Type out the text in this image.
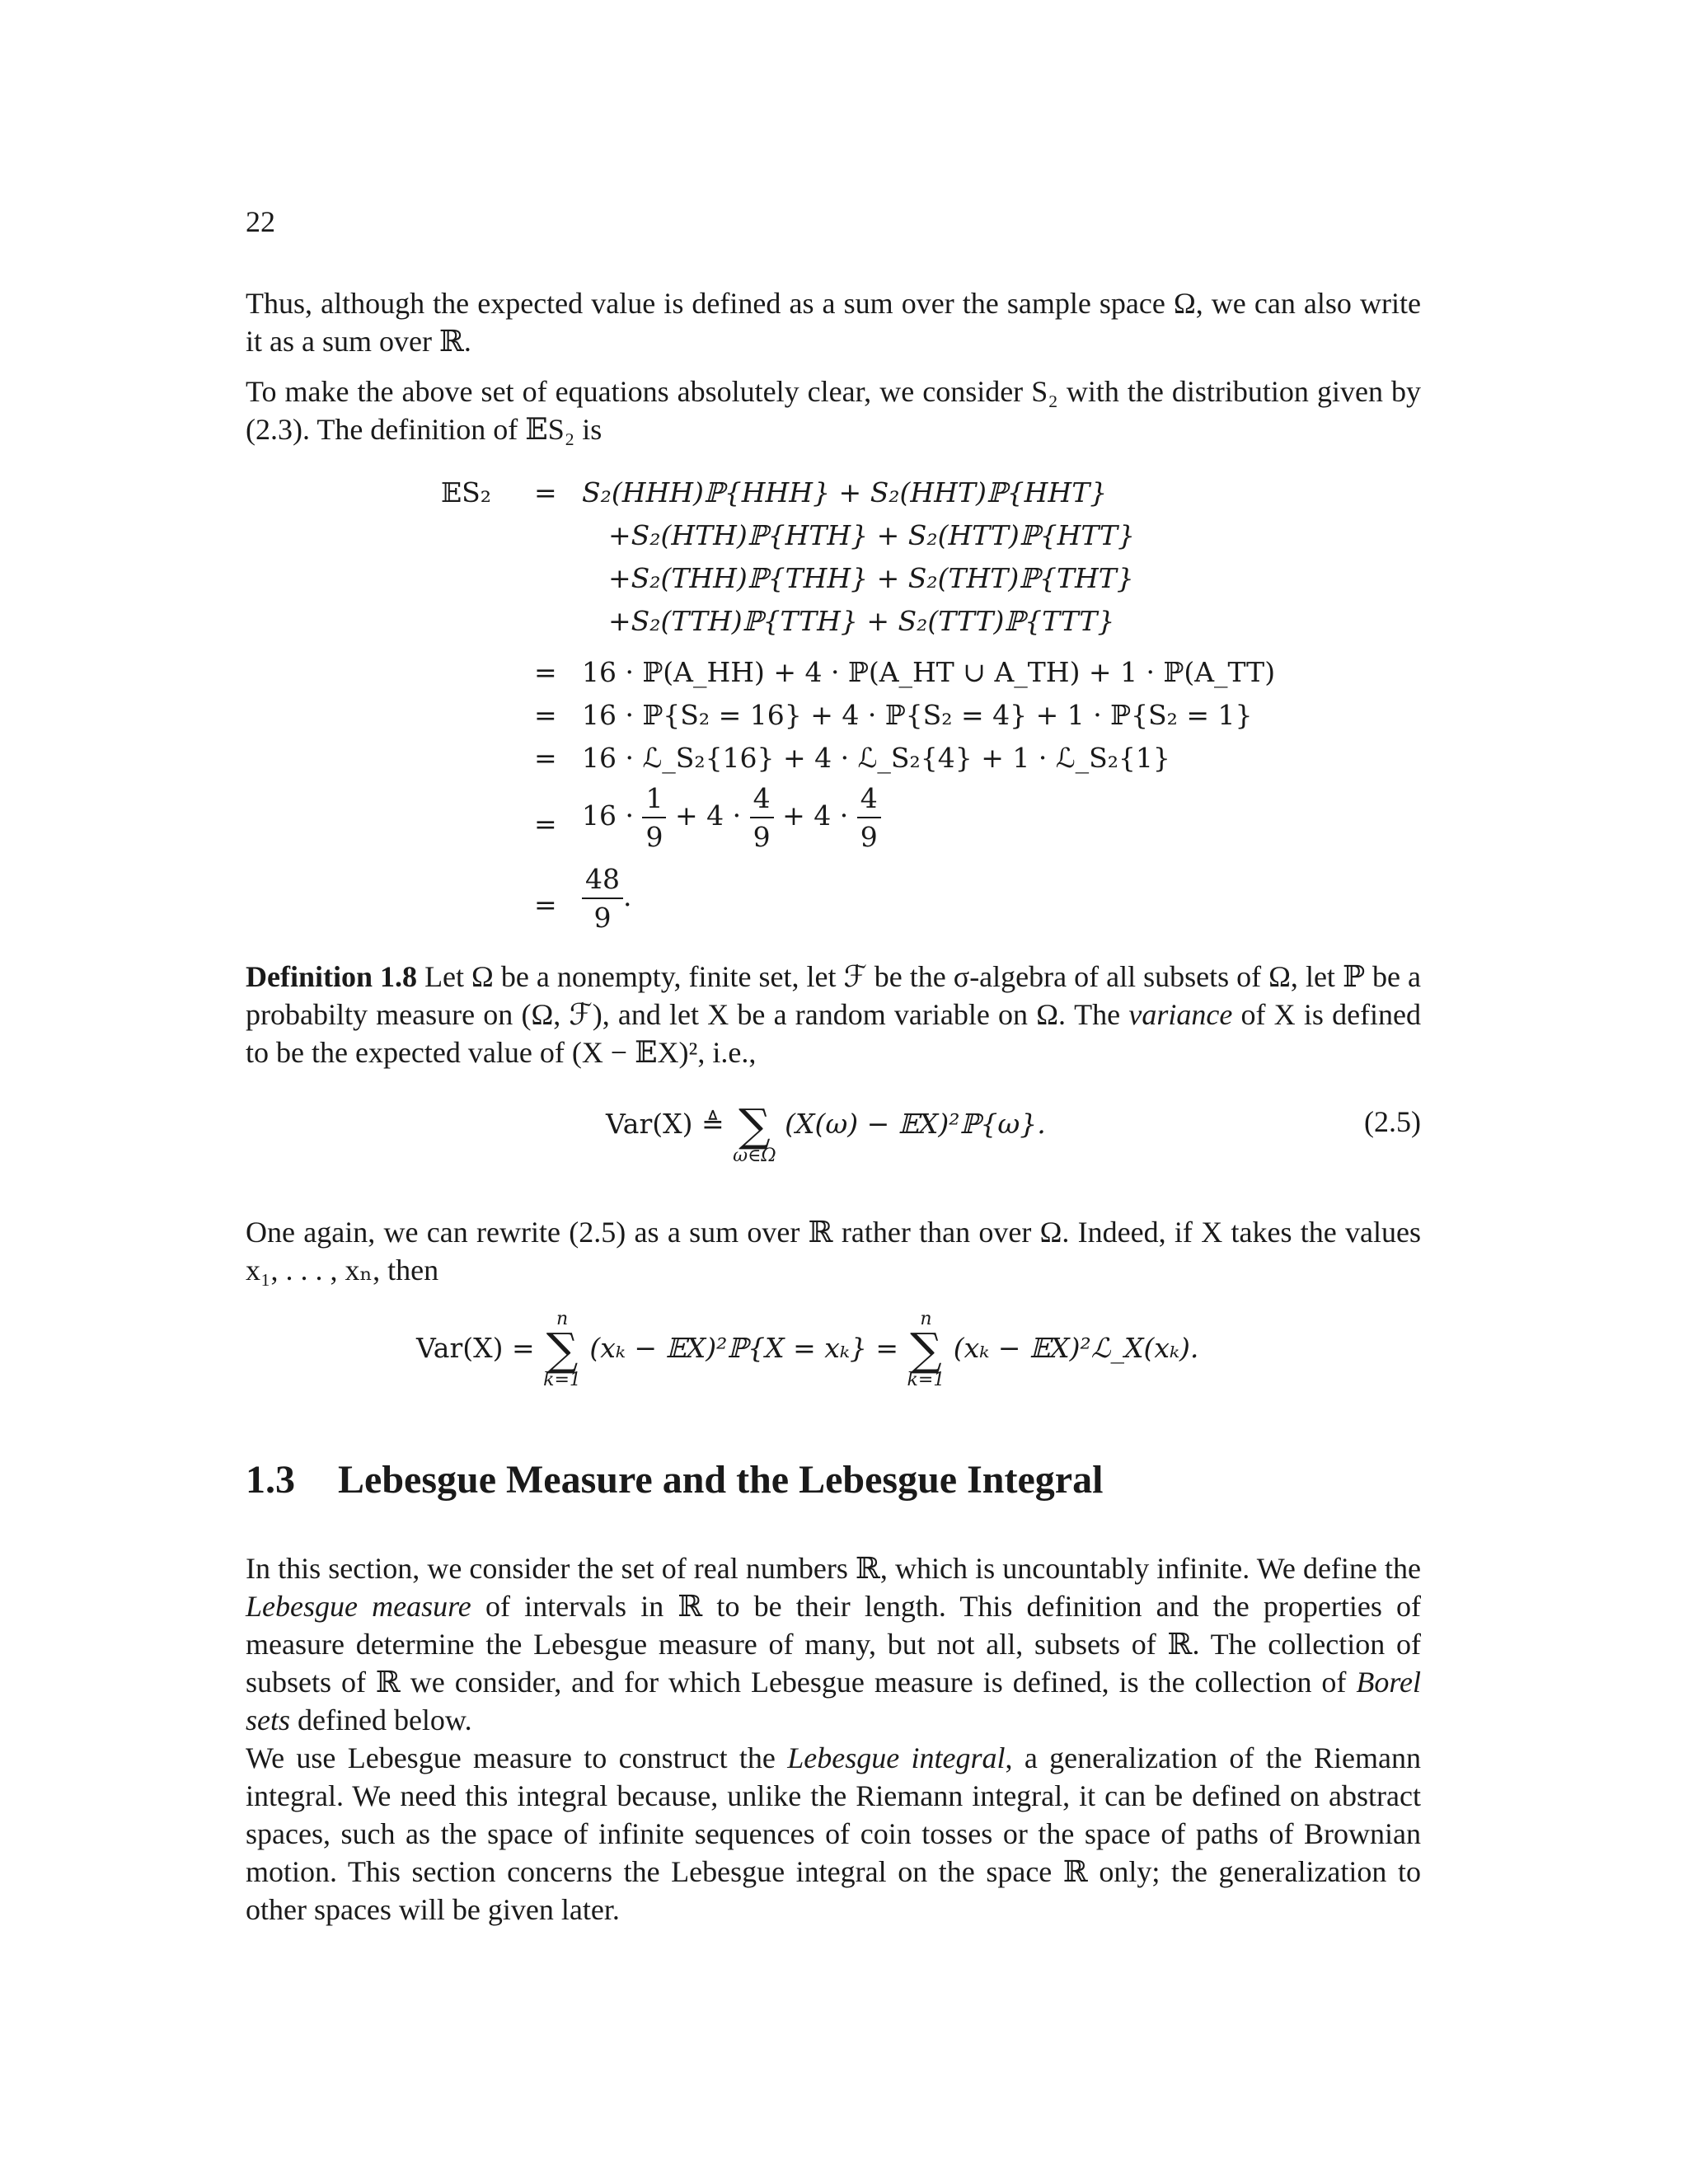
22

Thus, although the expected value is defined as a sum over the sample space Ω, we can also write it as a sum over ℝ.

To make the above set of equations absolutely clear, we consider S₂ with the distribution given by (2.3). The definition of 𝔼S₂ is

𝔼S₂ = S₂(HHH)ℙ{HHH} + S₂(HHT)ℙ{HHT}
+S₂(HTH)ℙ{HTH} + S₂(HTT)ℙ{HTT}
+S₂(THH)ℙ{THH} + S₂(THT)ℙ{THT}
+S₂(TTH)ℙ{TTH} + S₂(TTT)ℙ{TTT}
= 16 · ℙ(A_HH) + 4 · ℙ(A_HT ∪ A_TH) + 1 · ℙ(A_TT)
= 16 · ℙ{S₂ = 16} + 4 · ℙ{S₂ = 4} + 1 · ℙ{S₂ = 1}
= 16 · ℒ_S₂{16} + 4 · ℒ_S₂{4} + 1 · ℒ_S₂{1}
= $16 \cdot \frac{1}{9} + 4 \cdot \frac{4}{9} + 4 \cdot \frac{4}{9}$
= $\frac{48}{9}$ .

Definition 1.8 Let Ω be a nonempty, finite set, let ℱ be the σ-algebra of all subsets of Ω, let ℙ be a probabilty measure on (Ω, ℱ), and let X be a random variable on Ω. The variance of X is defined to be the expected value of (X − 𝔼X)², i.e.,

Var(X) ≜
∑
ω∈Ω
(X(ω) − 𝔼X)²ℙ{ω}.	(2.5)

One again, we can rewrite (2.5) as a sum over ℝ rather than over Ω. Indeed, if X takes the values x₁, . . . , xₙ, then

Var(X) =
n
∑
k=1
(xₖ − 𝔼X)²ℙ{X = xₖ} =
n
∑
k=1
(xₖ − 𝔼X)²ℒ_X(xₖ).
1.3 Lebesgue Measure and the Lebesgue Integral

In this section, we consider the set of real numbers ℝ, which is uncountably infinite. We define the Lebesgue measure of intervals in ℝ to be their length. This definition and the properties of measure determine the Lebesgue measure of many, but not all, subsets of ℝ. The collection of subsets of ℝ we consider, and for which Lebesgue measure is defined, is the collection of Borel sets defined below.

We use Lebesgue measure to construct the Lebesgue integral, a generalization of the Riemann integral. We need this integral because, unlike the Riemann integral, it can be defined on abstract spaces, such as the space of infinite sequences of coin tosses or the space of paths of Brownian motion. This section concerns the Lebesgue integral on the space ℝ only; the generalization to other spaces will be given later.
